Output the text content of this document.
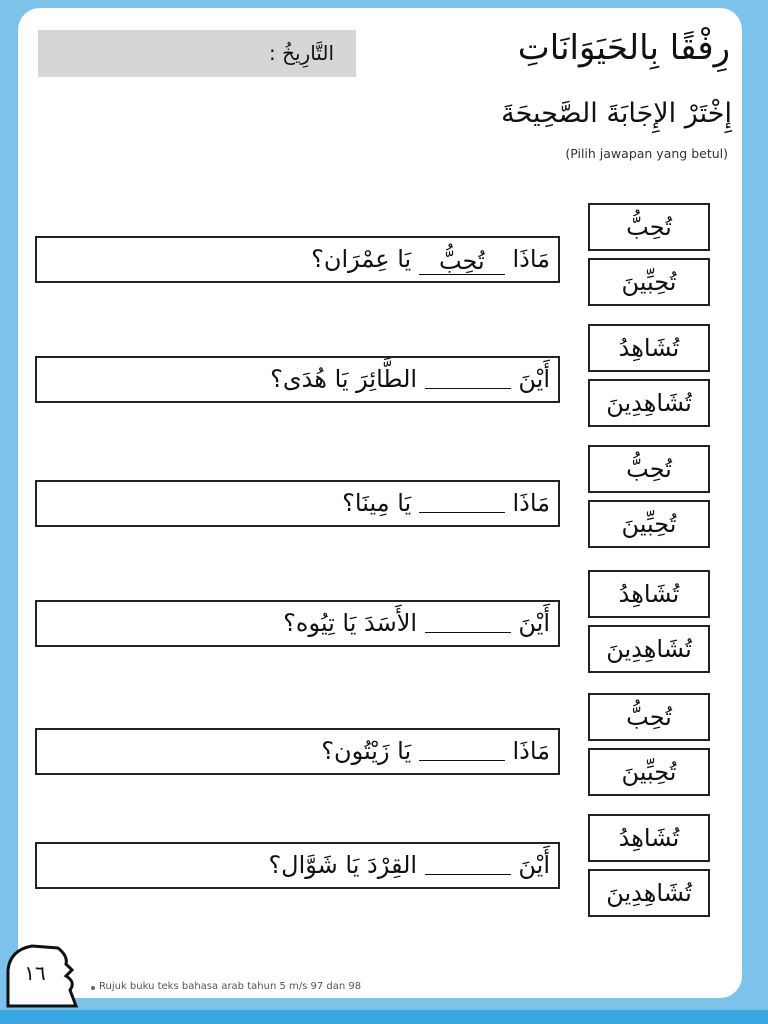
التَّارِيخُ :	رِفْقًا بِالحَيَوَانَاتِ
إِخْتَرْ الإِجَابَةَ الصَّحِيحَةَ
(Pilih jawapan yang betul)
مَاذَا تُحِبُّ يَا عِمْرَان؟
تُحِبُّ
تُحِبِّينَ
أَيْنَ  الطَّائِرَ يَا هُدَى؟
تُشَاهِدُ
تُشَاهِدِينَ
مَاذَا  يَا مِينَا؟
تُحِبُّ
تُحِبِّينَ
أَيْنَ  الأَسَدَ يَا تِيُوه؟
تُشَاهِدُ
تُشَاهِدِينَ
مَاذَا  يَا زَيْتُون؟
تُحِبُّ
تُحِبِّينَ
أَيْنَ  القِرْدَ يَا شَوَّال؟
تُشَاهِدُ
تُشَاهِدِينَ
١٦
Rujuk buku teks bahasa arab tahun 5 m/s 97 dan 98
